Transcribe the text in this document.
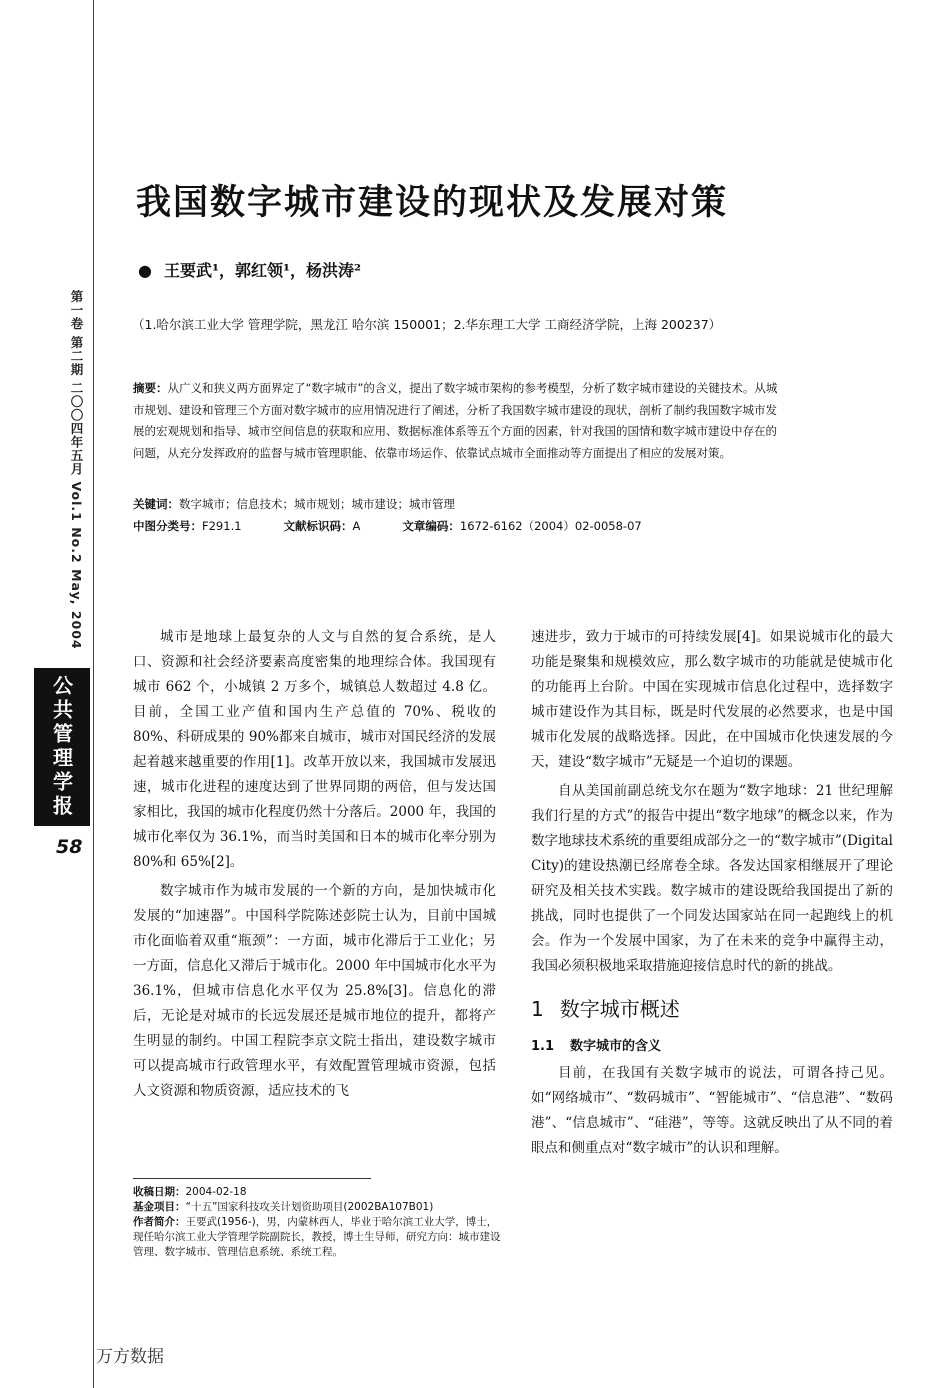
第一卷 第二期 二〇〇四年五月 Vol.1 No.2 May, 2004
公共管理学报
58
我国数字城市建设的现状及发展对策
● 王要武¹，郭红领¹，杨洪涛²
（1.哈尔滨工业大学 管理学院，黑龙江 哈尔滨 150001；2.华东理工大学 工商经济学院，上海 200237）
摘要：从广义和狭义两方面界定了“数字城市”的含义，提出了数字城市架构的参考模型，分析了数字城市建设的关键技术。从城市规划、建设和管理三个方面对数字城市的应用情况进行了阐述，分析了我国数字城市建设的现状，剖析了制约我国数字城市发展的宏观规划和指导、城市空间信息的获取和应用、数据标准体系等五个方面的因素，针对我国的国情和数字城市建设中存在的问题，从充分发挥政府的监督与城市管理职能、依靠市场运作、依靠试点城市全面推动等方面提出了相应的发展对策。
关键词：数字城市；信息技术；城市规划；城市建设；城市管理
中图分类号：F291.1	文献标识码：A	文章编码：1672-6162（2004）02-0058-07

城市是地球上最复杂的人文与自然的复合系统，是人口、资源和社会经济要素高度密集的地理综合体。我国现有城市 662 个，小城镇 2 万多个，城镇总人数超过 4.8 亿。目前，全国工业产值和国内生产总值的 70%、税收的 80%、科研成果的 90%都来自城市，城市对国民经济的发展起着越来越重要的作用[1]。改革开放以来，我国城市发展迅速，城市化进程的速度达到了世界同期的两倍，但与发达国家相比，我国的城市化程度仍然十分落后。2000 年，我国的城市化率仅为 36.1%，而当时美国和日本的城市化率分别为 80%和 65%[2]。

数字城市作为城市发展的一个新的方向，是加快城市化发展的“加速器”。中国科学院陈述彭院士认为，目前中国城市化面临着双重“瓶颈”：一方面，城市化滞后于工业化；另一方面，信息化又滞后于城市化。2000 年中国城市化水平为 36.1%，但城市信息化水平仅为 25.8%[3]。信息化的滞后，无论是对城市的长远发展还是城市地位的提升，都将产生明显的制约。中国工程院李京文院士指出，建设数字城市可以提高城市行政管理水平，有效配置管理城市资源，包括人文资源和物质资源，适应技术的飞

速进步，致力于城市的可持续发展[4]。如果说城市化的最大功能是聚集和规模效应，那么数字城市的功能就是使城市化的功能再上台阶。中国在实现城市信息化过程中，选择数字城市建设作为其目标，既是时代发展的必然要求，也是中国城市化发展的战略选择。因此，在中国城市化快速发展的今天，建设“数字城市”无疑是一个迫切的课题。

自从美国前副总统戈尔在题为“数字地球：21 世纪理解我们行星的方式”的报告中提出“数字地球”的概念以来，作为数字地球技术系统的重要组成部分之一的“数字城市”(Digital City)的建设热潮已经席卷全球。各发达国家相继展开了理论研究及相关技术实践。数字城市的建设既给我国提出了新的挑战，同时也提供了一个同发达国家站在同一起跑线上的机会。作为一个发展中国家，为了在未来的竞争中赢得主动，我国必须积极地采取措施迎接信息时代的新的挑战。

1 数字城市概述
1.1 数字城市的含义

目前，在我国有关数字城市的说法，可谓各持己见。如“网络城市”、“数码城市”、“智能城市”、“信息港”、“数码港”、“信息城市”、“硅港”，等等。这就反映出了从不同的着眼点和侧重点对“数字城市”的认识和理解。

收稿日期：2004-02-18
基金项目：“十五”国家科技攻关计划资助项目(2002BA107B01)
作者简介：王要武(1956-)，男，内蒙林西人，毕业于哈尔滨工业大学，博士，现任哈尔滨工业大学管理学院副院长，教授，博士生导师，研究方向：城市建设管理、数字城市、管理信息系统、系统工程。
万方数据
